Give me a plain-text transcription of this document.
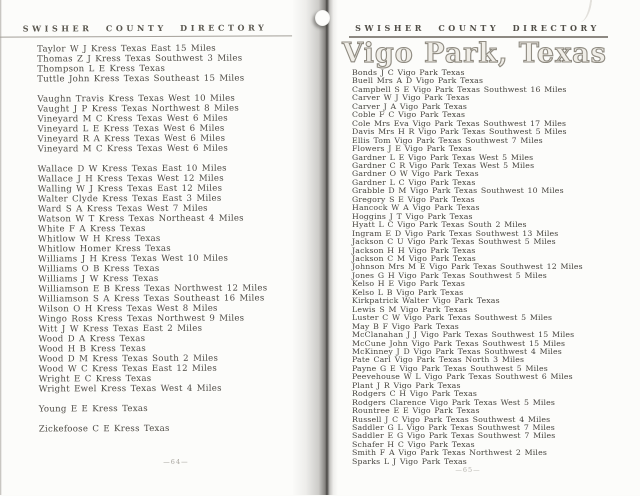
SWISHER COUNTY DIRECTORY
Taylor W J Kress Texas East 15 Miles
Thomas Z J Kress Texas Southwest 3 Miles
Thompson L E Kress Texas
Tuttle John Kress Texas Southeast 15 Miles
Vaughn Travis Kress Texas West 10 Miles
Vaught J P Kress Texas Northwest 8 Miles
Vineyard M C Kress Texas West 6 Miles
Vineyard L E Kress Texas West 6 Miles
Vineyard R A Kress Texas West 6 Miles
Vineyard M C Kress Texas West 6 Miles
Wallace D W Kress Texas East 10 Miles
Wallace J H Kress Texas West 12 Miles
Walling W J Kress Texas East 12 Miles
Walter Clyde Kress Texas East 3 Miles
Ward S A Kress Texas West 7 Miles
Watson W T Kress Texas Northeast 4 Miles
White F A Kress Texas
Whitlow W H Kress Texas
Whitlow Homer Kress Texas
Williams J H Kress Texas West 10 Miles
Williams O B Kress Texas
Williams J W Kress Texas
Williamson E B Kress Texas Northwest 12 Miles
Williamson S A Kress Texas Southeast 16 Miles
Wilson O H Kress Texas West 8 Miles
Wingo Ross Kress Texas Northwest 9 Miles
Witt J W Kress Texas East 2 Miles
Wood D A Kress Texas
Wood H B Kress Texas
Wood D M Kress Texas South 2 Miles
Wood W C Kress Texas East 12 Miles
Wright E C Kress Texas
Wright Ewel Kress Texas West 4 Miles
Young E E Kress Texas
Zickefoose C E Kress Texas
—64—
SWISHER COUNTY DIRECTORY
Vigo Park, Texas
Bonds J C Vigo Park Texas
Buell Mrs A D Vigo Park Texas
Campbell S E Vigo Park Texas Southwest 16 Miles
Carver W J Vigo Park Texas
Carver J A Vigo Park Texas
Coble F C Vigo Park Texas
Cole Mrs Eva Vigo Park Texas Southwest 17 Miles
Davis Mrs H R Vigo Park Texas Southwest 5 Miles
Ellis Tom Vigo Park Texas Southwest 7 Miles
Flowers J E Vigo Park Texas
Gardner L E Vigo Park Texas West 5 Miles
Gardner C R Vigo Park Texas West 5 Miles
Gardner O W Vigo Park Texas
Gardner L C Vigo Park Texas
Grabble D M Vigo Park Texas Southwest 10 Miles
Gregory S E Vigo Park Texas
Hancock W A Vigo Park Texas
Hoggins J T Vigo Park Texas
Hyatt L C Vigo Park Texas South 2 Miles
Ingram E D Vigo Park Texas Southwest 13 Miles
Jackson C U Vigo Park Texas Southwest 5 Miles
Jackson H H Vigo Park Texas
Jackson C M Vigo Park Texas
Johnson Mrs M E Vigo Park Texas Southwest 12 Miles
Jones G H Vigo Park Texas Southwest 5 Miles
Kelso H E Vigo Park Texas
Kelso L B Vigo Park Texas
Kirkpatrick Walter Vigo Park Texas
Lewis S M Vigo Park Texas
Luster C W Vigo Park Texas Southwest 5 Miles
May B F Vigo Park Texas
McClanahan J J Vigo Park Texas Southwest 15 Miles
McCune John Vigo Park Texas Southwest 15 Miles
McKinney J D Vigo Park Texas Southwest 4 Miles
Pate Carl Vigo Park Texas North 3 Miles
Payne G E Vigo Park Texas Southwest 5 Miles
Peevehouse W L Vigo Park Texas Southwest 6 Miles
Plant J R Vigo Park Texas
Rodgers C H Vigo Park Texas
Rodgers Clarence Vigo Park Texas West 5 Miles
Rountree E E Vigo Park Texas
Russell J C Vigo Park Texas Southwest 4 Miles
Saddler G L Vigo Park Texas Southwest 7 Miles
Saddler E G Vigo Park Texas Southwest 7 Miles
Schafer H C Vigo Park Texas
Smith F A Vigo Park Texas Northwest 2 Miles
Sparks L J Vigo Park Texas
—65—
